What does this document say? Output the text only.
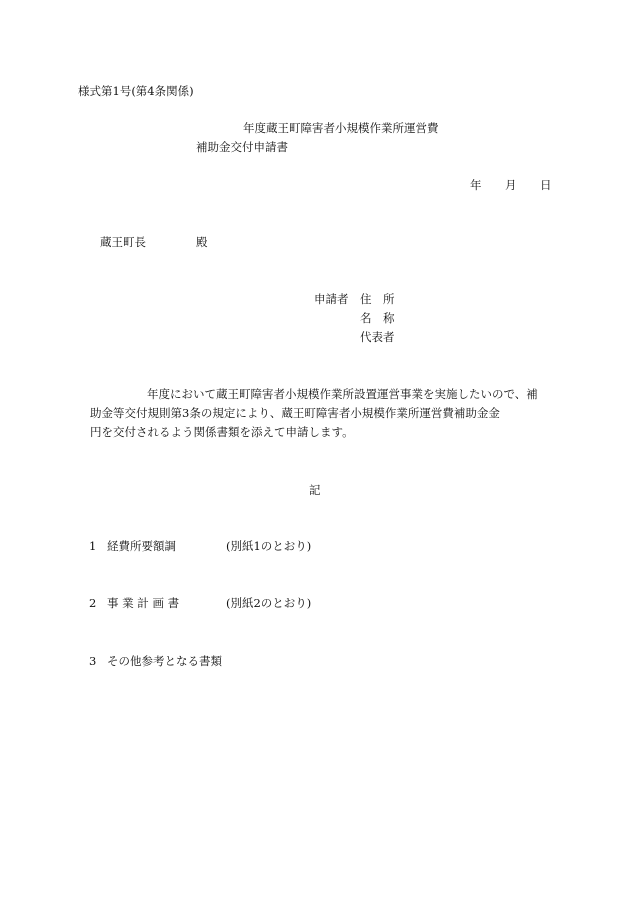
様式第1号(第4条関係)
年度蔵王町障害者小規模作業所運営費
補助金交付申請書
年 月 日
蔵王町長	殿
申請者 住　所
名　称
代表者
年度において蔵王町障害者小規模作業所設置運営事業を実施したいので、補
助金等交付規則第3条の規定により、蔵王町障害者小規模作業所運営費補助金金
円を交付されるよう関係書類を添えて申請します。
記
1 経費所要額調	(別紙1のとおり)
2 事 業 計 画 書	(別紙2のとおり)
3 その他参考となる書類
